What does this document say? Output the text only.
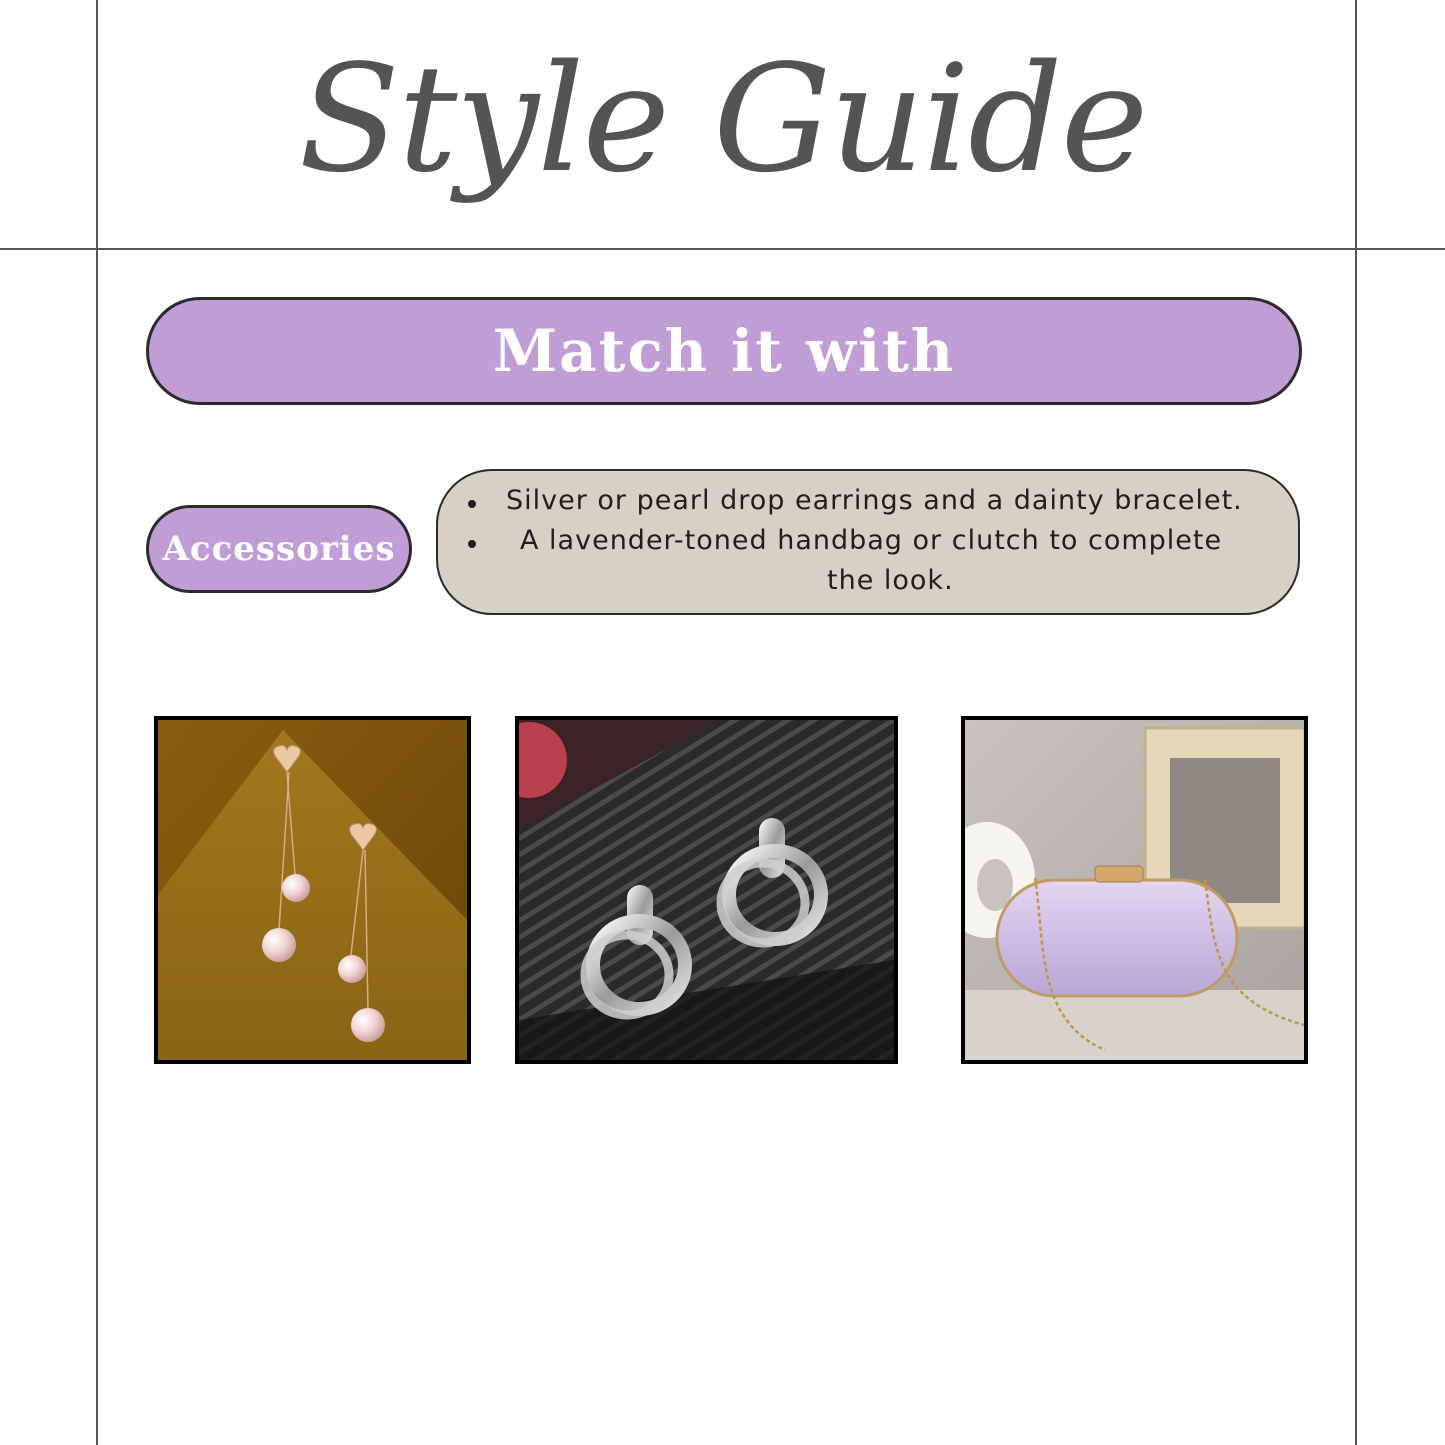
Style Guide
Match it with
Accessories
Silver or pearl drop earrings and a dainty bracelet.
A lavender-toned handbag or clutch to complete
the look.
